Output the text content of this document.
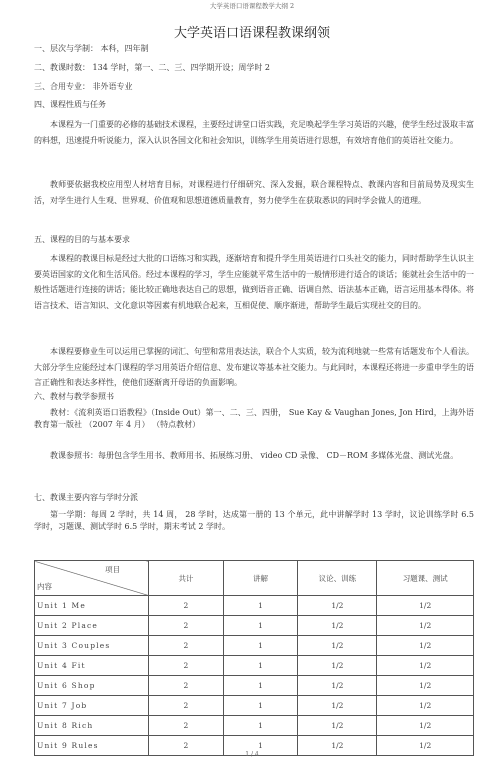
大学英语口语课程教学大纲 2
大学英语口语课程教课纲领
一、层次与学制： 本科，四年制
二、教课时数： 134 学时，第一、二、三、四学期开设；周学时 2
三、合用专业： 非外语专业
四、课程性质与任务
本课程为一门重要的必修的基础技术课程，主要经过讲堂口语实践，充足唤起学生学习英语的兴趣，使学生经过汲取丰富的料想，迅速提升听说能力，深入认识各国文化和社会知识，训练学生用英语进行思想，有效培育他们的英语社交能力。
教师要依据我校应用型人材培育目标，对课程进行仔细研究、深入发掘，联合课程特点、教课内容和目前局势及现实生活，对学生进行人生观、世界观、价值观和思想道德质量教育，努力使学生在获取悉识的同时学会做人的道理。
五、课程的目的与基本要求
本课程的教课目标是经过大批的口语练习和实践，逐渐培育和提升学生用英语进行口头社交的能力，同时帮助学生认识主要英语国家的文化和生活风俗。经过本课程的学习，学生应能就平常生活中的一般情形进行适合的谈话；能就社会生活中的一般性话题进行连接的讲话；能比较正确地表达自己的思想，做到语音正确、语调自然、语法基本正确，语言运用基本得体。将语言技术、语言知识、文化意识等因素有机地联合起来，互相促使、顺序渐进，帮助学生最后实现社交的目的。
本课程要修业生可以运用已掌握的词汇、句型和常用表达法，联合个人实质，较为流利地就一些常有话题发布个人看法。大部分学生应能经过本门课程的学习用英语介绍信息、发布建议等基本社交能力。与此同时，本课程还将进一步重申学生的语言正确性和表达多样性，使他们逐渐离开母语的负面影响。
六、教材与教学参照书
教材：《流利英语口语教程》（Inside Out）第一、二、三、四册， Sue Kay & Vaughan Jones, Jon Hird，上海外语教育第一版社 （2007 年 4 月） （特点教材）
教课参照书：每册包含学生用书、教师用书、拓展练习册、 video CD 录像、 CD－ROM 多媒体光盘、测试光盘。
七、教课主要内容与学时分派
第一学期：每周 2 学时，共 14 周， 28 学时，达成第一册的 13 个单元，此中讲解学时 13 学时，议论训练学时 6.5 学时，习题课、测试学时 6.5 学时，期末考试 2 学时。
项目
内容	共计	讲解	议论、训练	习题课、测试
Unit 1 Me	2	1	1/2	1/2
Unit 2 Place	2	1	1/2	1/2
Unit 3 Couples	2	1	1/2	1/2
Unit 4 Fit	2	1	1/2	1/2
Unit 6 Shop	2	1	1/2	1/2
Unit 7 Job	2	1	1/2	1/2
Unit 8 Rich	2	1	1/2	1/2
Unit 9 Rules	2	1	1/2	1/2
1 / 4
